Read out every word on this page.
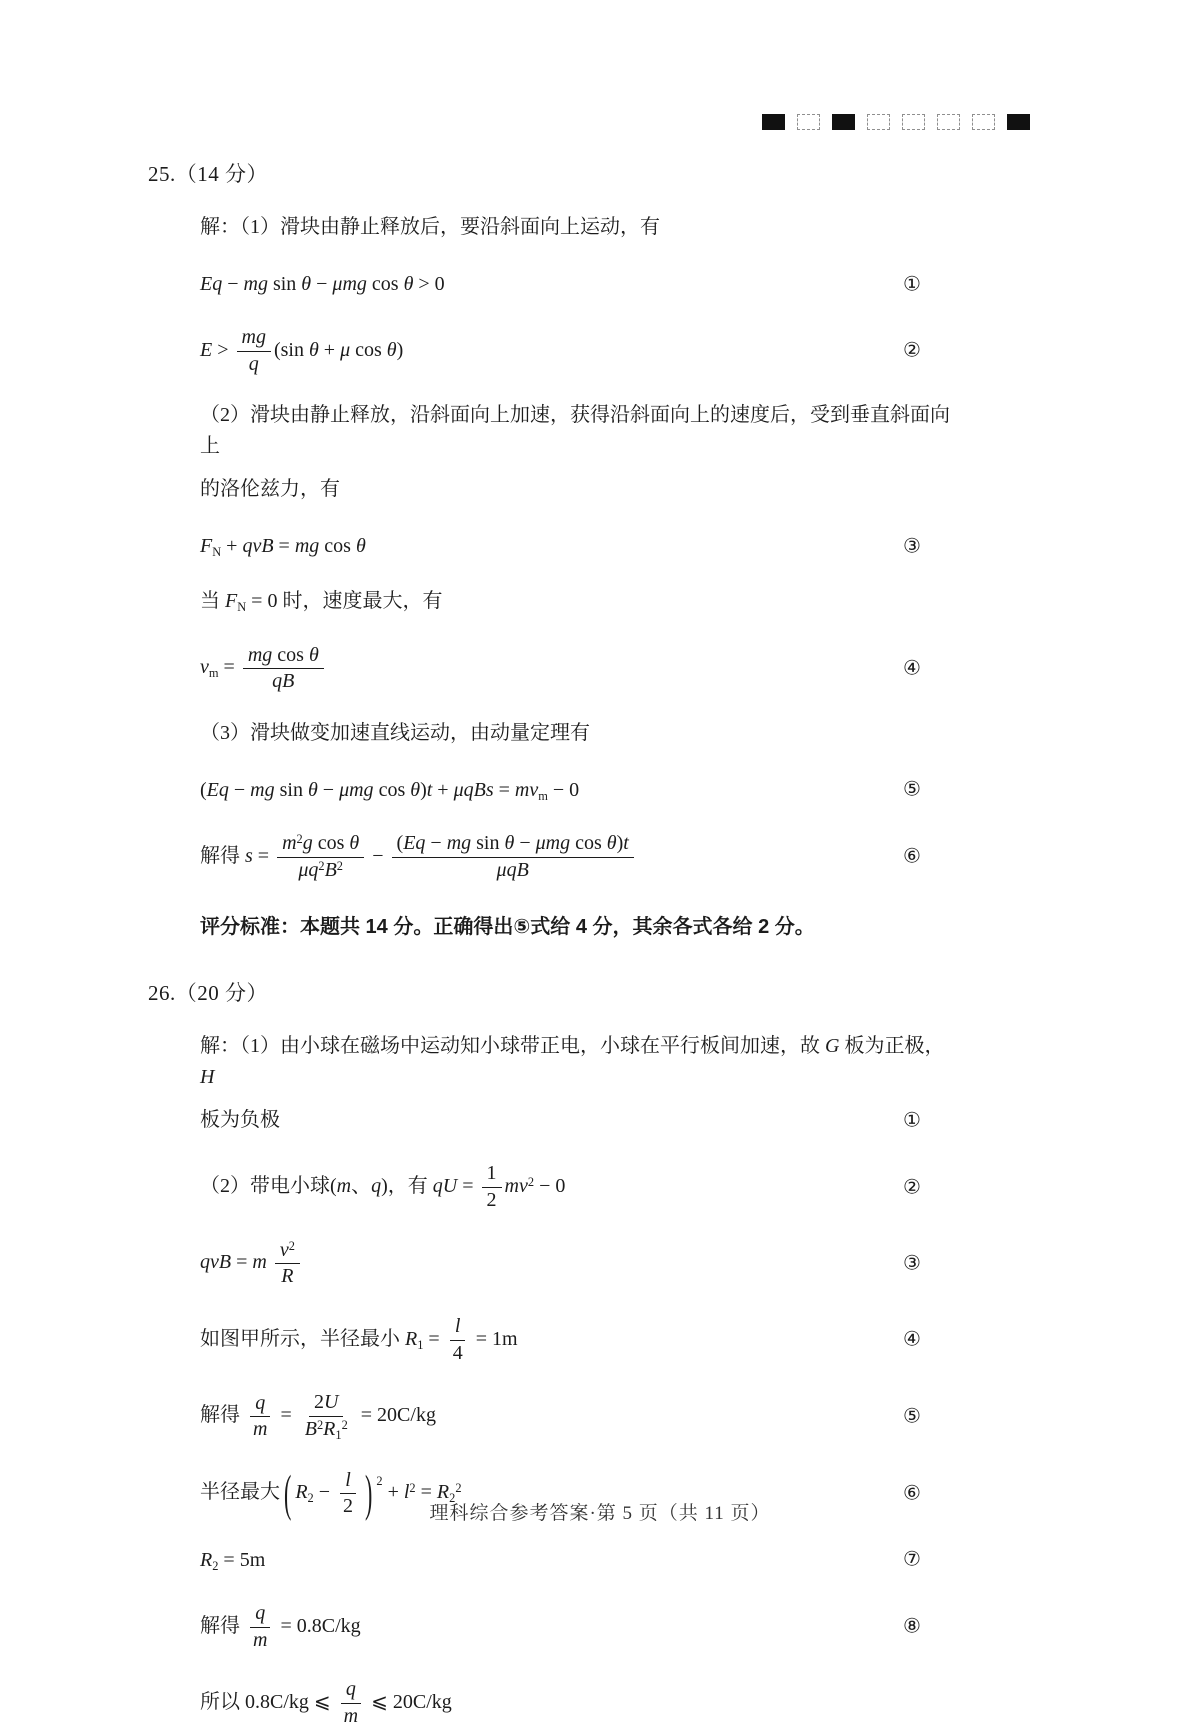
25.（14 分）
解：（1）滑块由静止释放后，要沿斜面向上运动，有
Eq − mg sin θ − μmg cos θ > 0	①
$E > \frac{mg}{q} (\sin$ θ + μ cos θ)	②
（2）滑块由静止释放，沿斜面向上加速，获得沿斜面向上的速度后，受到垂直斜面向上
的洛伦兹力，有
FN + qvB = mg cos θ	③
当 FN = 0 时，速度最大，有
vm = $\frac{\text{mg cos θ}}{qB}$	④
（3）滑块做变加速直线运动，由动量定理有
(Eq − mg sin θ − μmg cos θ)t + μqBs = mvm − 0	⑤
解得 $s = \frac{m^2g \cos \theta}{\mu q^2B^2} - \frac{\text{(Eq − mg sin θ − μmg cos θ)t}}{\text{μqB}}$	⑥
评分标准：本题共 14 分。正确得出⑤式给 4 分，其余各式各给 2 分。
26.（20 分）
解：（1）由小球在磁场中运动知小球带正电，小球在平行板间加速，故 G 板为正极，H
板为负极	①
（2）带电小球(m、q)，有 qU = $\frac{1}{2} mv^2 - 0$	②
qvB = m $\frac{v^2}{R}$	③
如图甲所示，半径最小 $R1 = \frac{l}{4} = 1m$	④
解得 $\frac{q}{m} = \frac{2U}{B^2R1^2} = 20C/kg$	⑤
半径最大 ( $R2 - \frac{l}{2}$ ) $^2 + l^2 = R2^2$	⑥
R2 = 5m	⑦
解得 $\frac{q}{m} = 0.8C/kg$	⑧
所以 0.8C/kg ⩽ $\frac{q}{m}$ ⩽ 20C/kg
理科综合参考答案·第 5 页（共 11 页）
